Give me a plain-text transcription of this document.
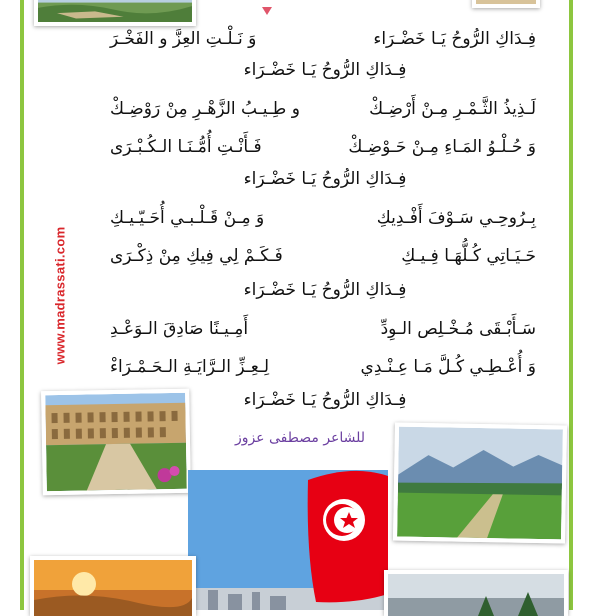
فِـدَاكِ الرُّوحُ يَـا خَضْـرَاء
وَ نَـلْـتِ العِزَّ و الفَخْـرَ
فِـدَاكِ الرُّوحُ يَـا خَضْـرَاء
لَـذِيذُ الثَّـمْـرِ مِـنْ أَرْضِـكْ
و طِـيـبُ الزَّهْـرِ مِنْ رَوْضِـكْ
وَ حُـلْـوُ المَـاءِ مِـنْ حَـوْضِـكْ
فَـأَنْـتِ أُمُّـنَـا الـكُـبْـرَى
فِـدَاكِ الرُّوحُ يَـا خَضْـرَاء
بِـرُوحِـي سَـوْفَ أَفْـدِيكِ
وَ مِـنْ قَـلْـبـي أُحَـيّـيـكِ
حَـيَـاتِي كُـلُّهَـا فِـيـكِ
فَـكَـمْ لِي فِيكِ مِنْ ذِكْـرَى
فِـدَاكِ الرُّوحُ يَـا خَضْـرَاء
سَـأَبْـقَى مُـخْـلِص الـوِدِّ
أَمِـيـنًا صَادِقَ الـوَعْـدِ
وَ أُعْـطِـي كُـلَّ مَـا عِـنْـدِي
لِـعِـزِّ الـرَّايَـةِ الـحَـمْـرَاءْ
فِـدَاكِ الرُّوحُ يَـا خَضْـرَاء
www.madrassati.com
للشاعر مصطفى عزوز
